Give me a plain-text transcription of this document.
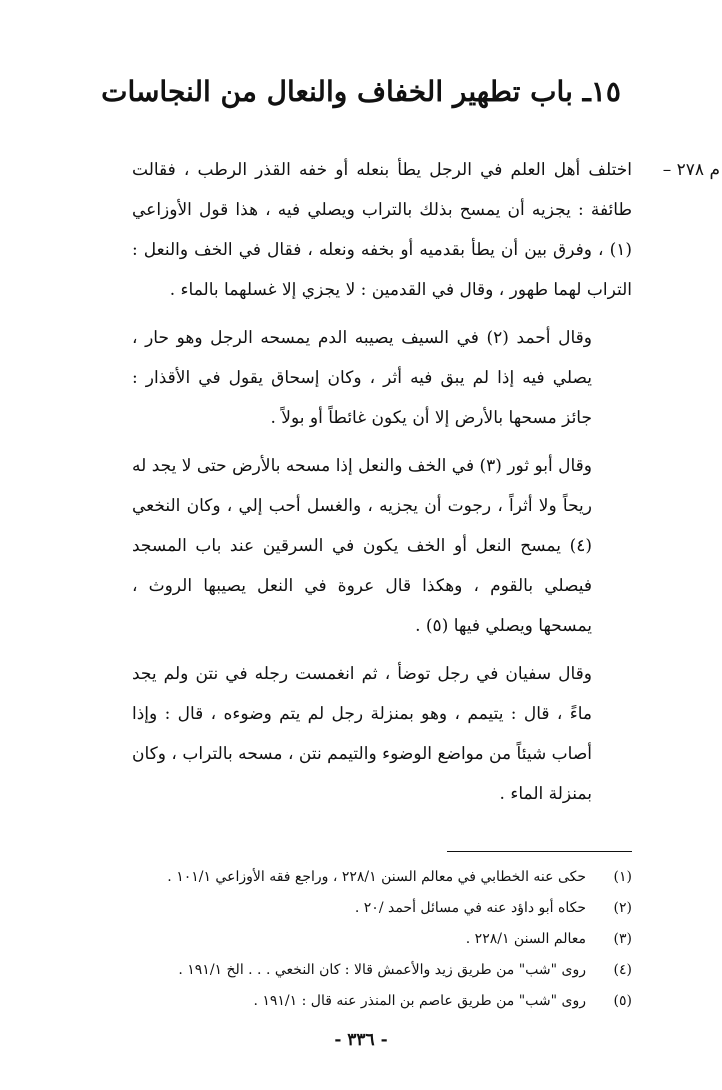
١٥ـ باب تطهير الخفاف والنعال من النجاسات

م ٢٧٨ –
اختلف أهل العلم في الرجل يطأ بنعله أو خفه القذر الرطب ، فقالت طائفة : يجزيه أن يمسح بذلك بالتراب ويصلي فيه ، هذا قول الأوزاعي (١) ، وفرق بين أن يطأ بقدميه أو بخفه ونعله ، فقال في الخف والنعل : التراب لهما طهور ، وقال في القدمين : لا يجزي إلا غسلهما بالماء .

وقال أحمد (٢) في السيف يصيبه الدم يمسحه الرجل وهو حار ، يصلي فيه إذا لم يبق فيه أثر ، وكان إسحاق يقول في الأقذار : جائز مسحها بالأرض إلا أن يكون غائطاً أو بولاً .

وقال أبو ثور (٣) في الخف والنعل إذا مسحه بالأرض حتى لا يجد له ريحاً ولا أثراً ، رجوت أن يجزيه ، والغسل أحب إلي ، وكان النخعي (٤) يمسح النعل أو الخف يكون في السرقين عند باب المسجد فيصلي بالقوم ، وهكذا قال عروة في النعل يصيبها الروث ، يمسحها ويصلي فيها (٥) .

وقال سفيان في رجل توضأ ، ثم انغمست رجله في نتن ولم يجد ماءً ، قال : يتيمم ، وهو بمنزلة رجل لم يتم وضوءه ، قال : وإذا أصاب شيئاً من مواضع الوضوء والتيمم نتن ، مسحه بالتراب ، وكان بمنزلة الماء .

(١)
حكى عنه الخطابي في معالم السنن ٢٢٨/١ ، وراجع فقه الأوزاعي ١٠١/١ .
(٢)
حكاه أبو داؤد عنه في مسائل أحمد /٢٠ .
(٣)
معالم السنن ٢٢٨/١ .
(٤)
روى "شب" من طريق زيد والأعمش قالا : كان النخعي . . . الخ ١٩١/١ .
(٥)
روى "شب" من طريق عاصم بن المنذر عنه قال : ١٩١/١ .
- ٣٣٦ -
